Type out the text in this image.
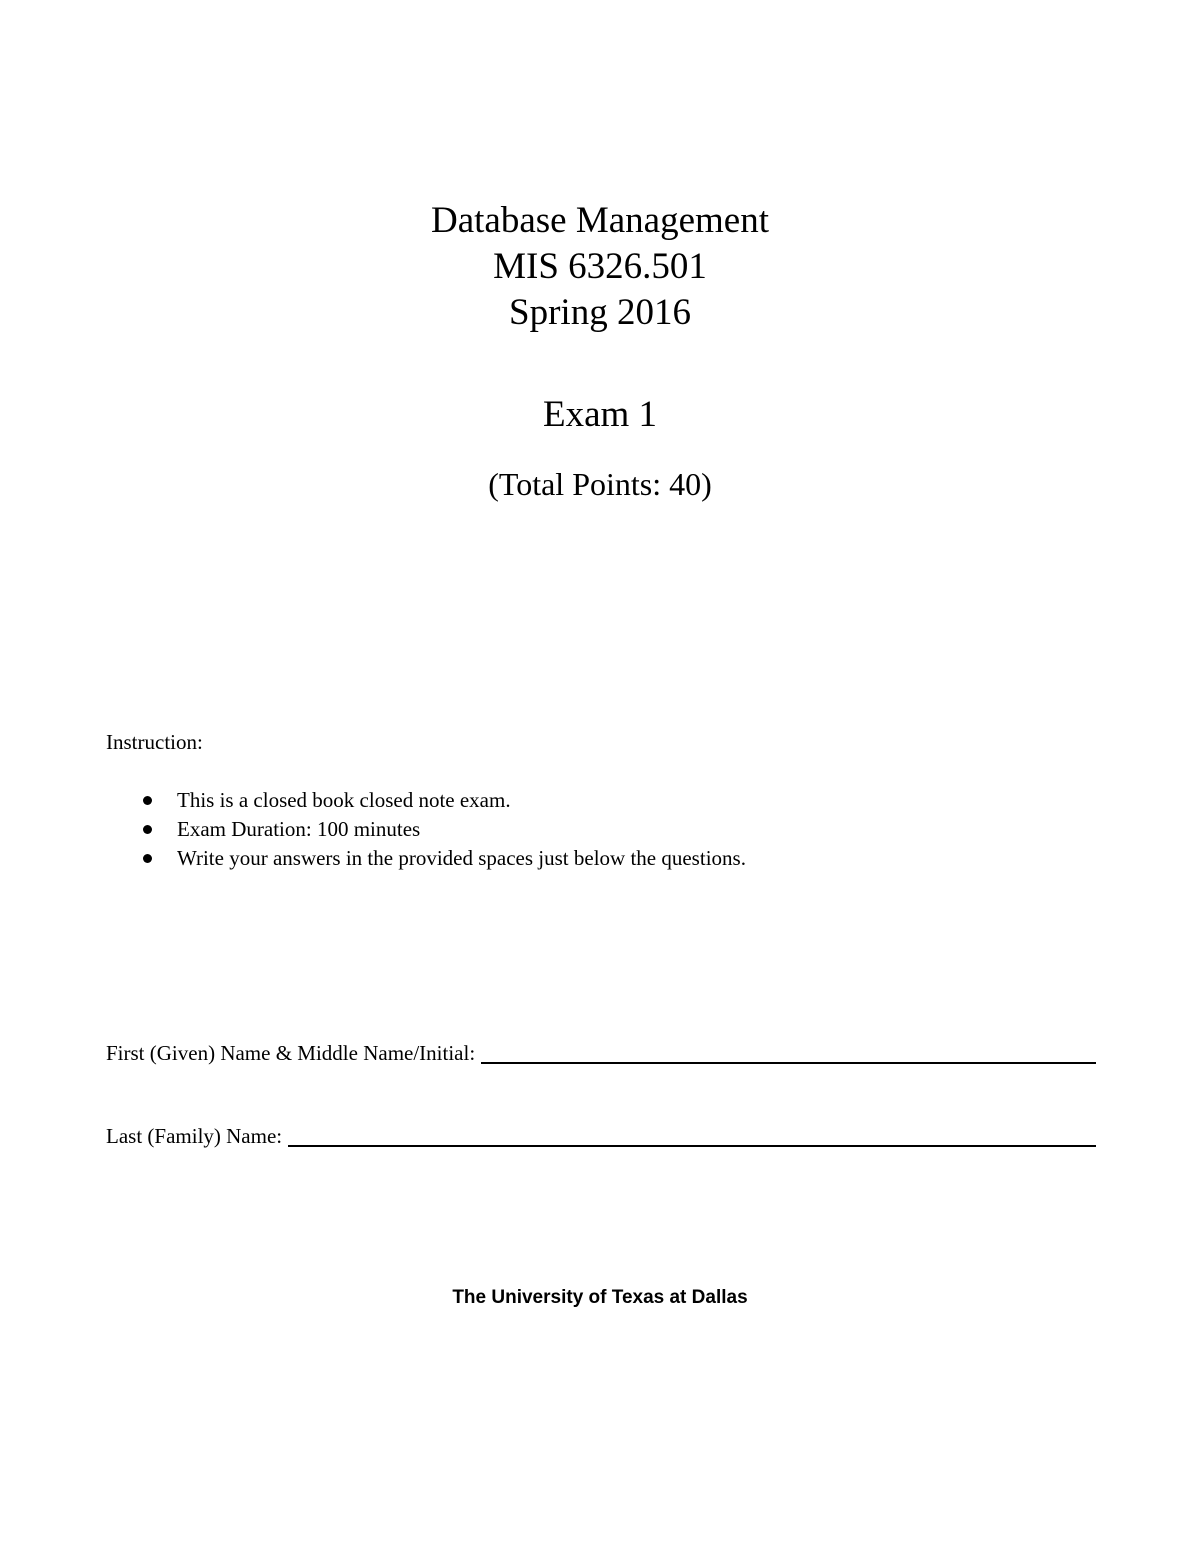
Database Management
MIS 6326.501
Spring 2016
Exam 1
(Total Points: 40)
Instruction:
This is a closed book closed note exam.
Exam Duration: 100 minutes
Write your answers in the provided spaces just below the questions.
First (Given) Name & Middle Name/Initial:
Last (Family) Name:
The University of Texas at Dallas
